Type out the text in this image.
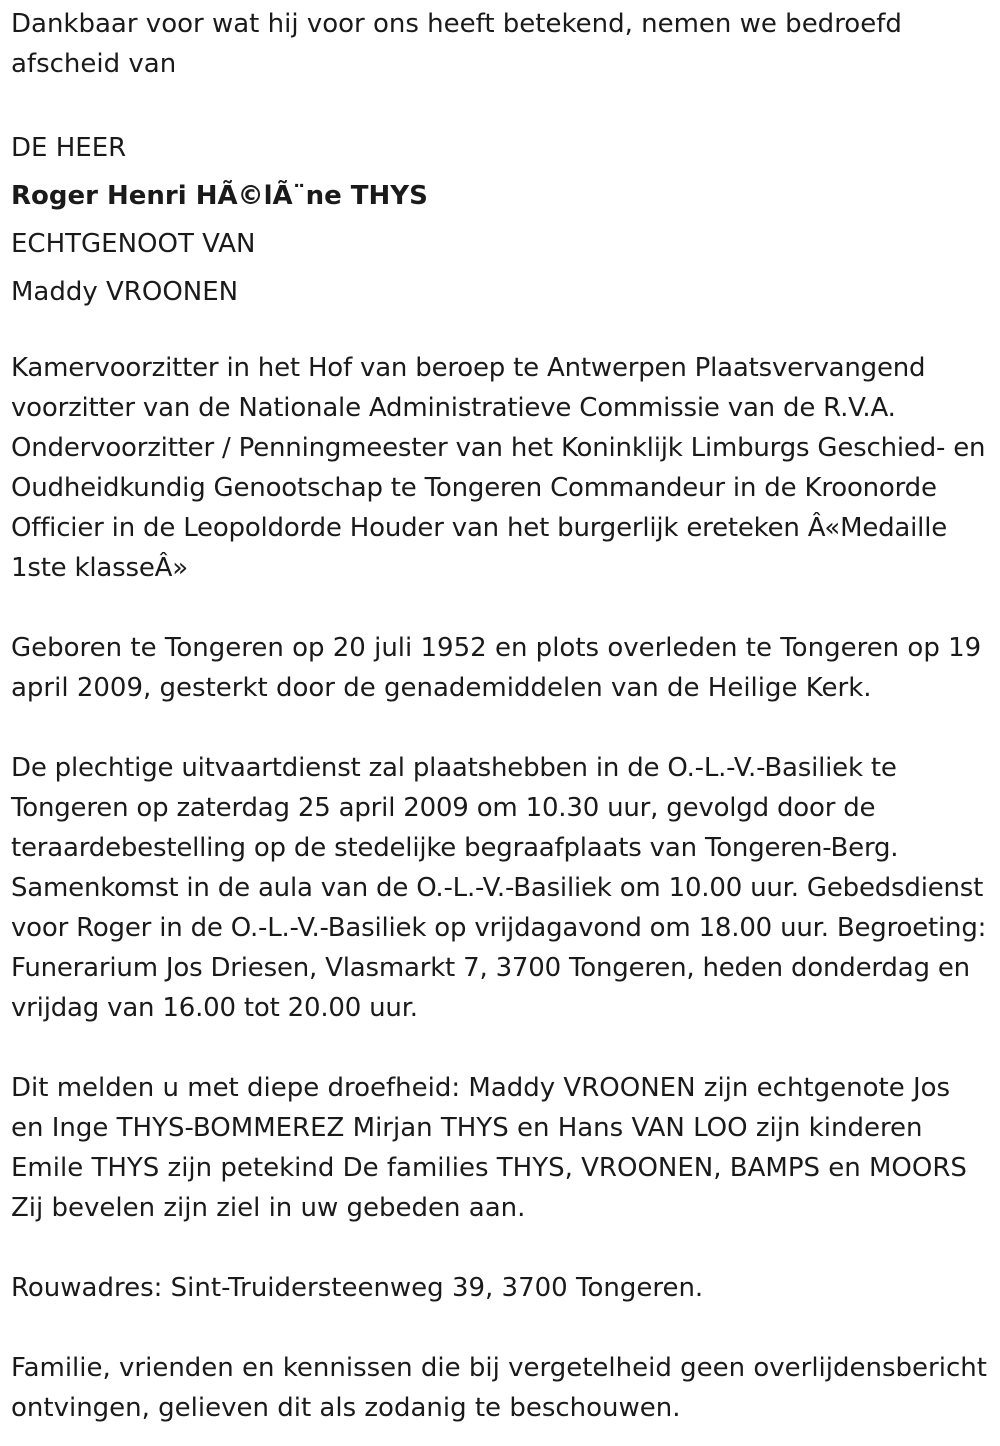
Dankbaar voor wat hij voor ons heeft betekend, nemen we bedroefd afscheid van

DE HEER
Roger Henri HÃ©lÃ¨ne THYS
ECHTGENOOT VAN
Maddy VROONEN

Kamervoorzitter in het Hof van beroep te Antwerpen Plaatsvervangend voorzitter van de Nationale Administratieve Commissie van de R.V.A. Ondervoorzitter / Penningmeester van het Koninklijk Limburgs Geschied- en Oudheidkundig Genootschap te Tongeren Commandeur in de Kroonorde Officier in de Leopoldorde Houder van het burgerlijk ereteken Â«Medaille 1ste klasseÂ»

Geboren te Tongeren op 20 juli 1952 en plots overleden te Tongeren op 19 april 2009, gesterkt door de genademiddelen van de Heilige Kerk.

De plechtige uitvaartdienst zal plaatshebben in de O.-L.-V.-Basiliek te Tongeren op zaterdag 25 april 2009 om 10.30 uur, gevolgd door de teraardebestelling op de stedelijke begraafplaats van Tongeren-Berg. Samenkomst in de aula van de O.-L.-V.-Basiliek om 10.00 uur. Gebedsdienst voor Roger in de O.-L.-V.-Basiliek op vrijdagavond om 18.00 uur. Begroeting: Funerarium Jos Driesen, Vlasmarkt 7, 3700 Tongeren, heden donderdag en vrijdag van 16.00 tot 20.00 uur.

Dit melden u met diepe droefheid: Maddy VROONEN zijn echtgenote Jos en Inge THYS-BOMMEREZ Mirjan THYS en Hans VAN LOO zijn kinderen Emile THYS zijn petekind De families THYS, VROONEN, BAMPS en MOORS Zij bevelen zijn ziel in uw gebeden aan.

Rouwadres: Sint-Truidersteenweg 39, 3700 Tongeren.

Familie, vrienden en kennissen die bij vergetelheid geen overlijdensbericht ontvingen, gelieven dit als zodanig te beschouwen.
